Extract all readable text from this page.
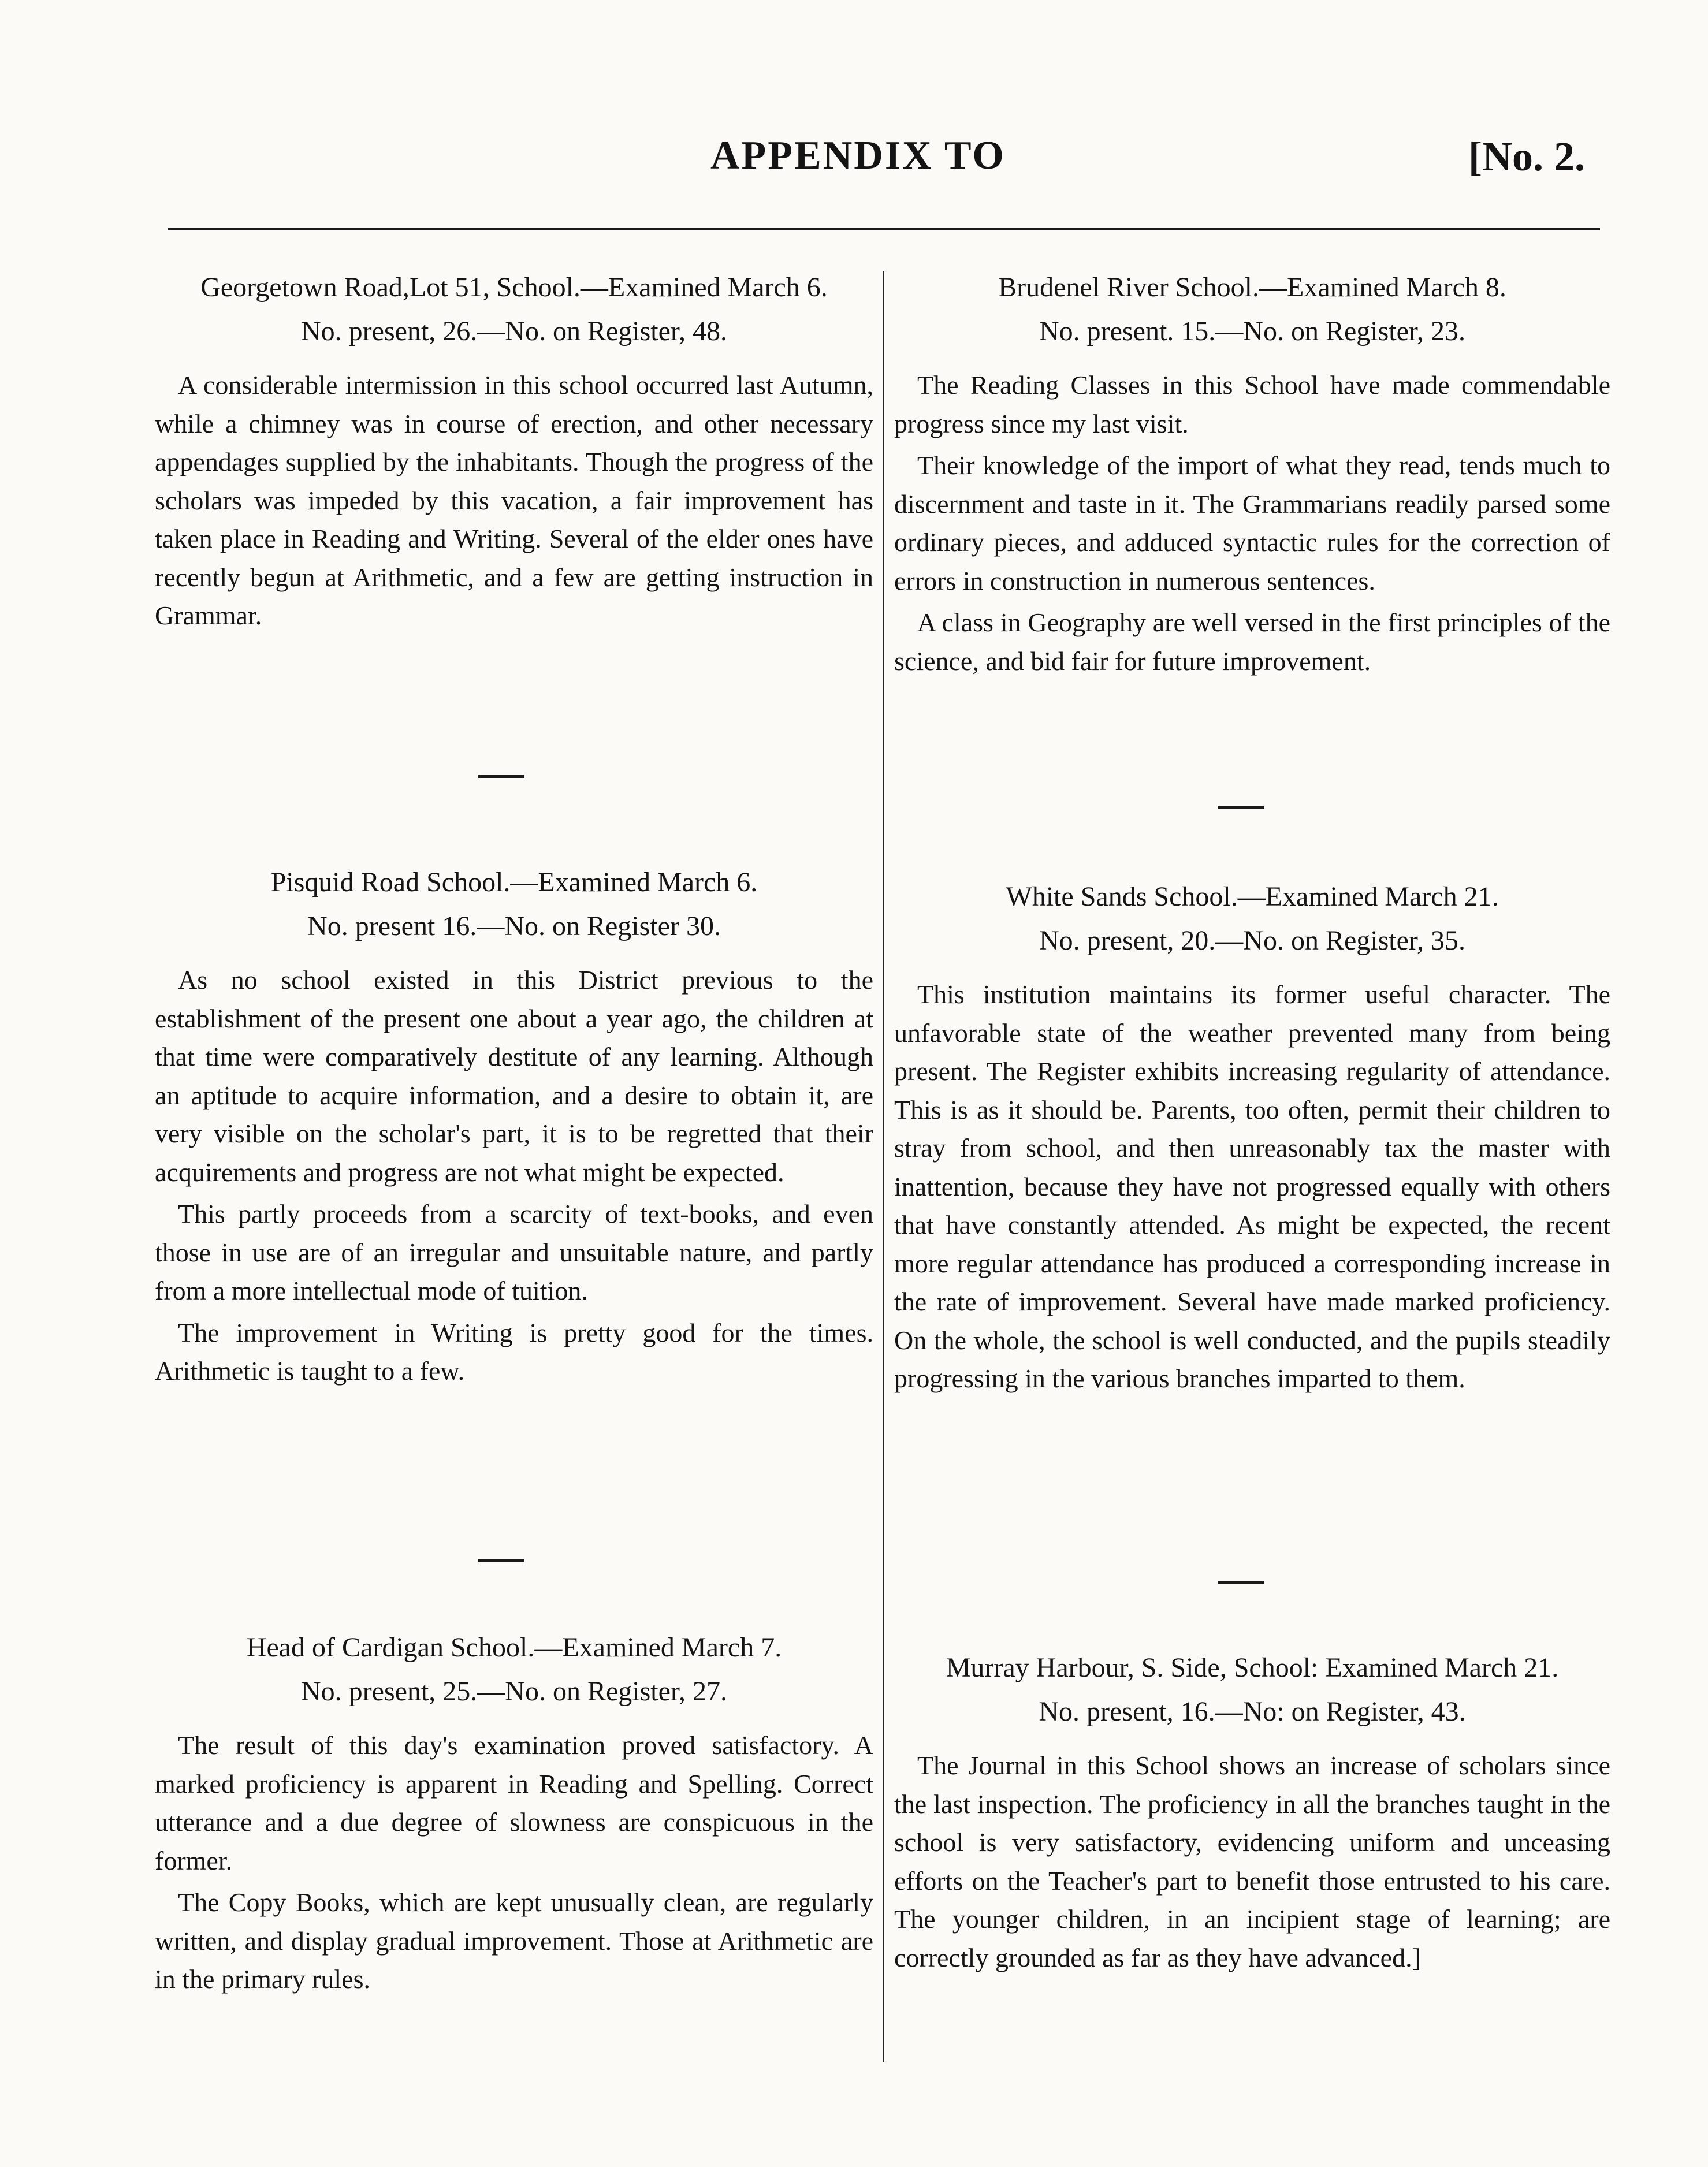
APPENDIX TO	[No. 2.
Georgetown Road,Lot 51, School.—Examined March 6.
No. present, 26.—No. on Register, 48.

A considerable intermission in this school occurred last Autumn, while a chimney was in course of erection, and other necessary appendages supplied by the inhabitants. Though the progress of the scholars was impeded by this vacation, a fair improvement has taken place in Reading and Writing. Several of the elder ones have recently begun at Arithmetic, and a few are getting instruction in Grammar.

Pisquid Road School.—Examined March 6.
No. present 16.—No. on Register 30.

As no school existed in this District previous to the establishment of the present one about a year ago, the children at that time were comparatively destitute of any learning. Although an aptitude to acquire information, and a desire to obtain it, are very visible on the scholar's part, it is to be regretted that their acquirements and progress are not what might be expected.

This partly proceeds from a scarcity of text-books, and even those in use are of an irregular and unsuitable nature, and partly from a more intellectual mode of tuition.

The improvement in Writing is pretty good for the times. Arithmetic is taught to a few.

Head of Cardigan School.—Examined March 7.
No. present, 25.—No. on Register, 27.

The result of this day's examination proved satisfactory. A marked proficiency is apparent in Reading and Spelling. Correct utterance and a due degree of slowness are conspicuous in the former.

The Copy Books, which are kept unusually clean, are regularly written, and display gradual improvement. Those at Arithmetic are in the primary rules.

Brudenel River School.—Examined March 8.
No. present. 15.—No. on Register, 23.

The Reading Classes in this School have made commendable progress since my last visit.

Their knowledge of the import of what they read, tends much to discernment and taste in it. The Grammarians readily parsed some ordinary pieces, and adduced syntactic rules for the correction of errors in construction in numerous sentences.

A class in Geography are well versed in the first principles of the science, and bid fair for future improvement.

White Sands School.—Examined March 21.
No. present, 20.—No. on Register, 35.

This institution maintains its former useful character. The unfavorable state of the weather prevented many from being present. The Register exhibits increasing regularity of attendance. This is as it should be. Parents, too often, permit their children to stray from school, and then unreasonably tax the master with inattention, because they have not progressed equally with others that have constantly attended. As might be expected, the recent more regular attendance has produced a corresponding increase in the rate of improvement. Several have made marked proficiency. On the whole, the school is well conducted, and the pupils steadily progressing in the various branches imparted to them.

Murray Harbour, S. Side, School: Examined March 21.
No. present, 16.—No: on Register, 43.

The Journal in this School shows an increase of scholars since the last inspection. The proficiency in all the branches taught in the school is very satisfactory, evidencing uniform and unceasing efforts on the Teacher's part to benefit those entrusted to his care. The younger children, in an incipient stage of learning; are correctly grounded as far as they have advanced.]
